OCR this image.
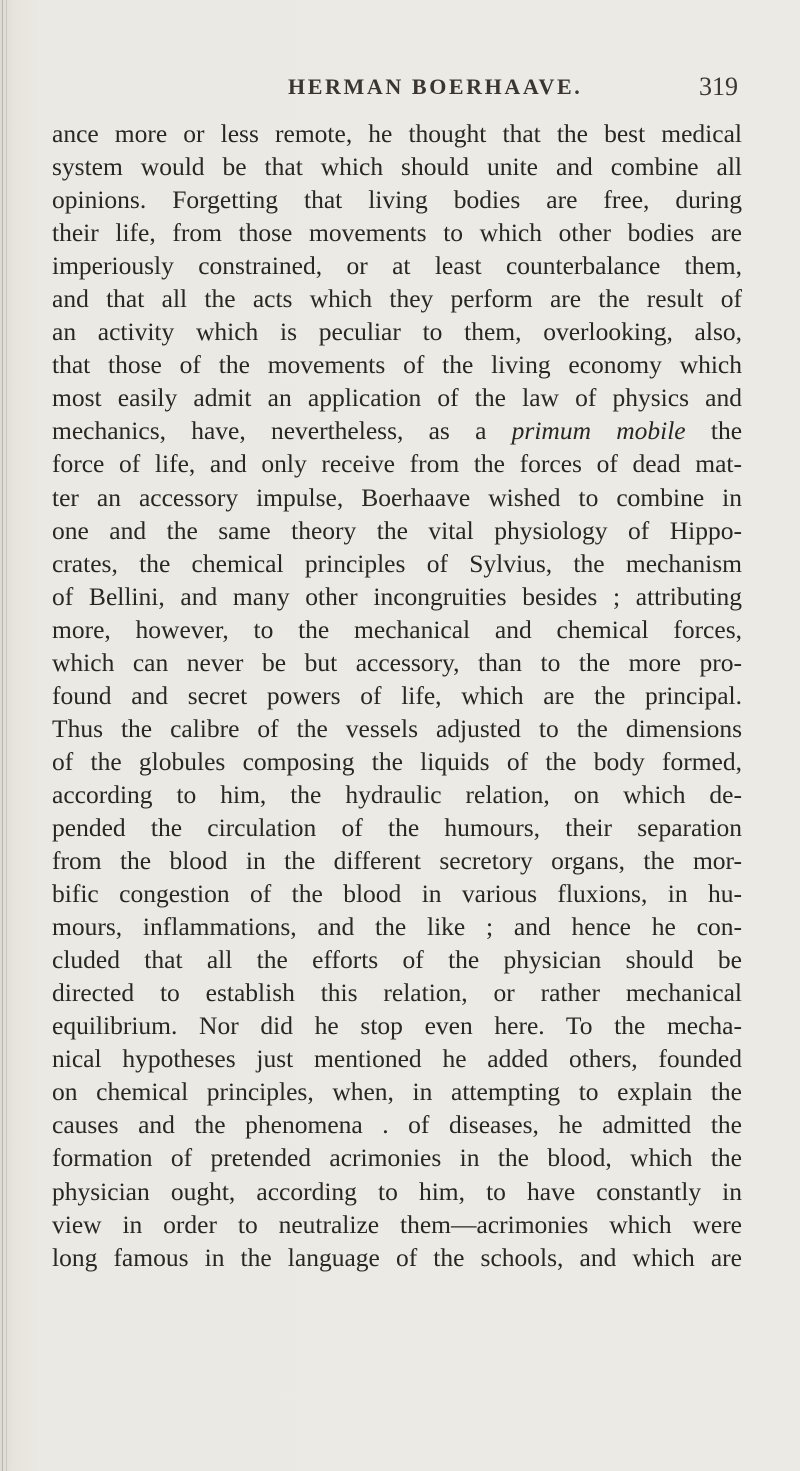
HERMAN BOERHAAVE.	319
ance more or less remote, he thought that the best medical
system would be that which should unite and combine all
opinions. Forgetting that living bodies are free, during
their life, from those movements to which other bodies are
imperiously constrained, or at least counterbalance them,
and that all the acts which they perform are the result of
an activity which is peculiar to them, overlooking, also,
that those of the movements of the living economy which
most easily admit an application of the law of physics and
mechanics, have, nevertheless, as a primum mobile the
force of life, and only receive from the forces of dead mat-
ter an accessory impulse, Boerhaave wished to combine in
one and the same theory the vital physiology of Hippo-
crates, the chemical principles of Sylvius, the mechanism
of Bellini, and many other incongruities besides ; attributing
more, however, to the mechanical and chemical forces,
which can never be but accessory, than to the more pro-
found and secret powers of life, which are the principal.
Thus the calibre of the vessels adjusted to the dimensions
of the globules composing the liquids of the body formed,
according to him, the hydraulic relation, on which de-
pended the circulation of the humours, their separation
from the blood in the different secretory organs, the mor-
bific congestion of the blood in various fluxions, in hu-
mours, inflammations, and the like ; and hence he con-
cluded that all the efforts of the physician should be
directed to establish this relation, or rather mechanical
equilibrium. Nor did he stop even here. To the mecha-
nical hypotheses just mentioned he added others, founded
on chemical principles, when, in attempting to explain the
causes and the phenomena . of diseases, he admitted the
formation of pretended acrimonies in the blood, which the
physician ought, according to him, to have constantly in
view in order to neutralize them—acrimonies which were
long famous in the language of the schools, and which are
